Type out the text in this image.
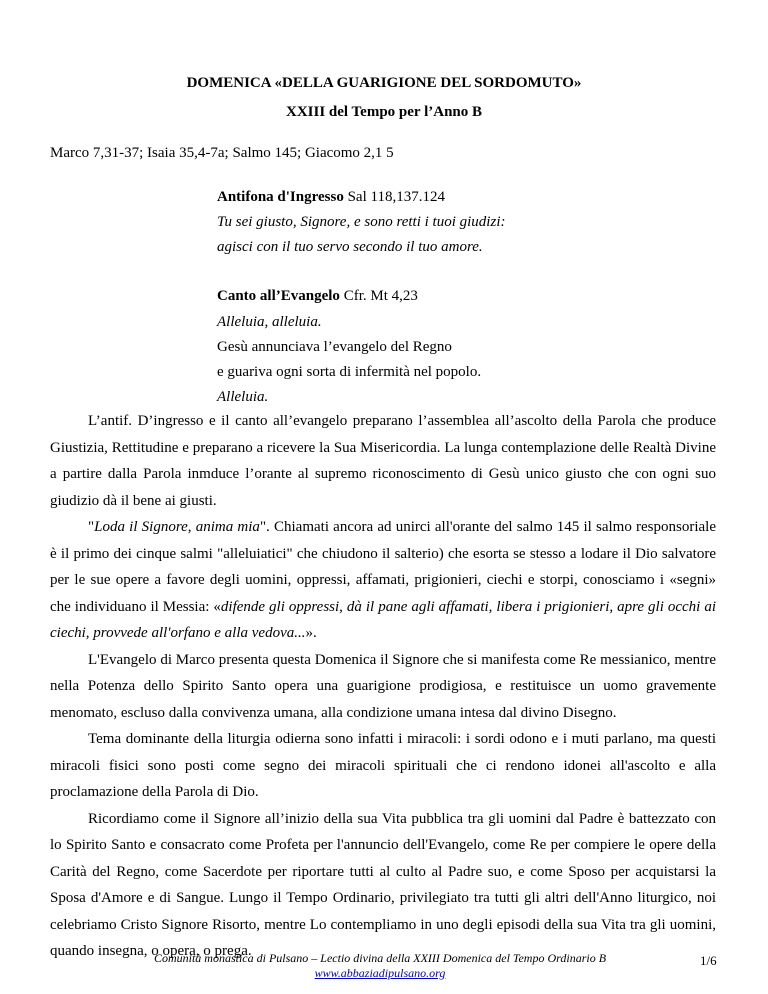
DOMENICA «DELLA GUARIGIONE DEL SORDOMUTO»
XXIII del Tempo per l’Anno B
Marco 7,31-37; Isaia 35,4-7a; Salmo 145; Giacomo 2,1 5
Antifona d'Ingresso Sal 118,137.124
Tu sei giusto, Signore, e sono retti i tuoi giudizi:
agisci con il tuo servo secondo il tuo amore.
Canto all’Evangelo Cfr. Mt 4,23
Alleluia, alleluia.
Gesù annunciava l’evangelo del Regno
e guariva ogni sorta di infermità nel popolo.
Alleluia.

L’antif. D’ingresso e il canto all’evangelo preparano l’assemblea all’ascolto della Parola che produce Giustizia, Rettitudine e preparano a ricevere la Sua Misericordia. La lunga contemplazione delle Realtà Divine a partire dalla Parola inmduce l’orante al supremo riconoscimento di Gesù unico giusto che con ogni suo giudizio dà il bene ai giusti.

"Loda il Signore, anima mia". Chiamati ancora ad unirci all'orante del salmo 145 il salmo responsoriale è il primo dei cinque salmi "alleluiatici" che chiudono il salterio) che esorta se stesso a lodare il Dio salvatore per le sue opere a favore degli uomini, oppressi, affamati, prigionieri, ciechi e storpi, conosciamo i «segni» che individuano il Messia: «difende gli oppressi, dà il pane agli affamati, libera i prigionieri, apre gli occhi ai ciechi, provvede all'orfano e alla vedova...».

L'Evangelo di Marco presenta questa Domenica il Signore che si manifesta come Re messianico, mentre nella Potenza dello Spirito Santo opera una guarigione prodigiosa, e restituisce un uomo gravemente menomato, escluso dalla convivenza umana, alla condizione umana intesa dal divino Disegno.

Tema dominante della liturgia odierna sono infatti i miracoli: i sordi odono e i muti parlano, ma questi miracoli fisici sono posti come segno dei miracoli spirituali che ci rendono idonei all'ascolto e alla proclamazione della Parola di Dio.

Ricordiamo come il Signore all’inizio della sua Vita pubblica tra gli uomini dal Padre è battezzato con lo Spirito Santo e consacrato come Profeta per l'annuncio dell'Evangelo, come Re per compiere le opere della Carità del Regno, come Sacerdote per riportare tutti al culto al Padre suo, e come Sposo per acquistarsi la Sposa d'Amore e di Sangue. Lungo il Tempo Ordinario, privilegiato tra tutti gli altri dell'Anno liturgico, noi celebriamo Cristo Signore Risorto, mentre Lo contempliamo in uno degli episodi della sua Vita tra gli uomini, quando insegna, o opera, o prega.

Comunità monastica di Pulsano – Lectio divina della XXIII Domenica del Tempo Ordinario B
www.abbaziadipulsano.org
1/6
